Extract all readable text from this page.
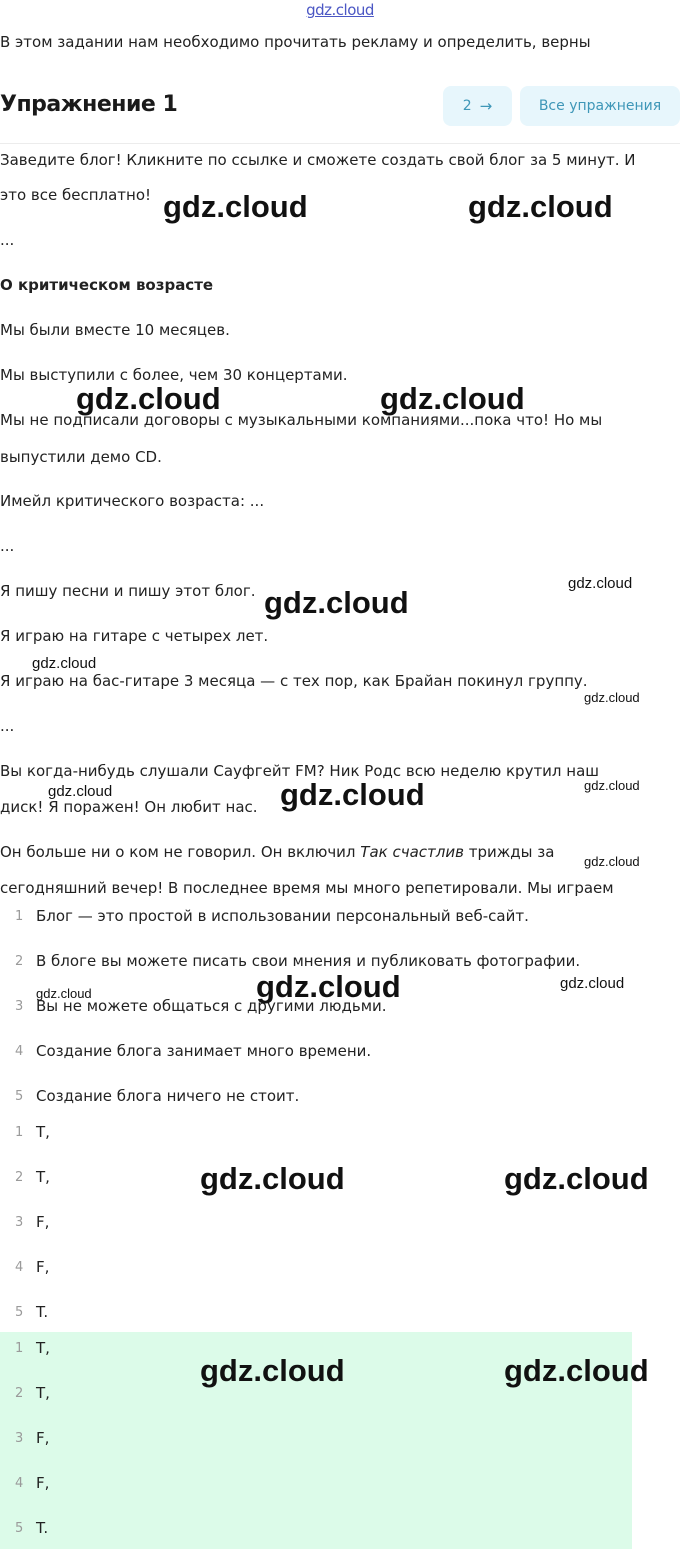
gdz.cloud
В этом задании нам необходимо прочитать рекламу и определить, верны
Упражнение 1	2 →	Все упражнения
Заведите блог! Кликните по ссылке и сможете создать свой блог за 5 минут. И
это все бесплатно!
...
О критическом возрасте
Мы были вместе 10 месяцев.
Мы выступили с более, чем 30 концертами.
Мы не подписали договоры с музыкальными компаниями...пока что! Но мы
выпустили демо CD.
Имейл критического возраста: ...
...
Я пишу песни и пишу этот блог.
Я играю на гитаре с четырех лет.
Я играю на бас-гитаре 3 месяца — с тех пор, как Брайан покинул группу.
...
Вы когда-нибудь слушали Сауфгейт FM? Ник Родс всю неделю крутил наш
диск! Я поражен! Он любит нас.
Он больше ни о ком не говорил. Он включил Так счастлив трижды за
сегодняшний вечер! В последнее время мы много репетировали. Мы играем
1 Блог — это простой в использовании персональный веб-сайт.
2 В блоге вы можете писать свои мнения и публиковать фотографии.
3 Вы не можете общаться с другими людьми.
4 Создание блога занимает много времени.
5 Создание блога ничего не стоит.
1 T,
2 T,
3 F,
4 F,
5 T.
1 T,
2 T,
3 F,
4 F,
5 T.
gdz.cloud	gdz.cloud
gdz.cloud	gdz.cloud
gdz.cloud
gdz.cloud
gdz.cloud
gdz.cloud
gdz.cloud	gdz.cloud
gdz.cloud
gdz.cloud
gdz.cloud	gdz.cloud
gdz.cloud
gdz.cloud	gdz.cloud
gdz.cloud	gdz.cloud
